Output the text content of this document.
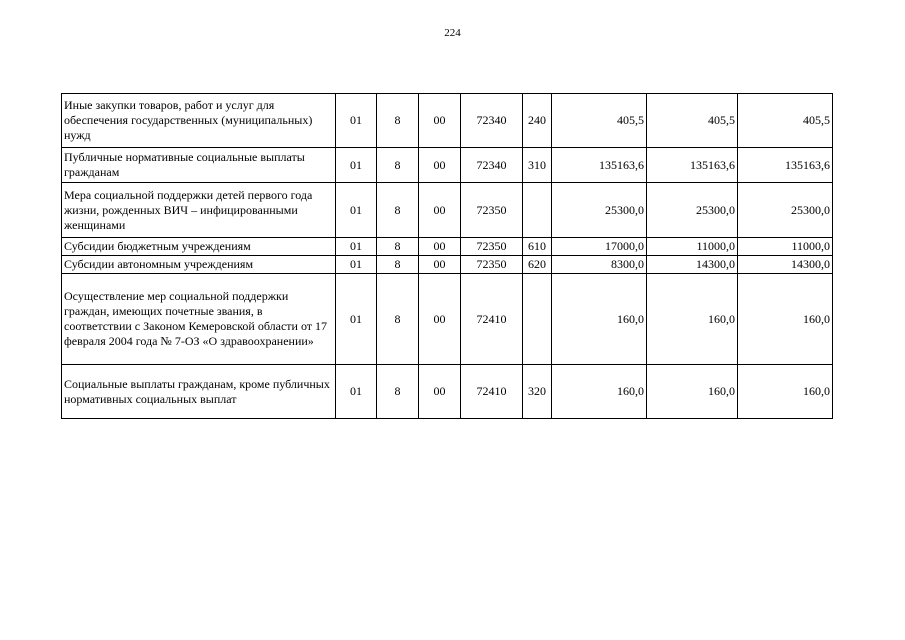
224
Иные закупки товаров, работ и услуг для обеспечения государственных (муниципальных) нужд	01	8	00	72340	240	405,5	405,5	405,5
Публичные нормативные социальные выплаты гражданам	01	8	00	72340	310	135163,6	135163,6	135163,6
Мера социальной поддержки детей первого года жизни, рожденных ВИЧ – инфицированными женщинами	01	8	00	72350		25300,0	25300,0	25300,0
Субсидии бюджетным учреждениям	01	8	00	72350	610	17000,0	11000,0	11000,0
Субсидии автономным учреждениям	01	8	00	72350	620	8300,0	14300,0	14300,0
Осуществление мер социальной поддержки граждан, имеющих почетные звания, в соответствии с Законом Кемеровской области от 17 февраля 2004 года № 7-ОЗ «О здравоохранении»	01	8	00	72410		160,0	160,0	160,0
Социальные выплаты гражданам, кроме публичных нормативных социальных выплат	01	8	00	72410	320	160,0	160,0	160,0
